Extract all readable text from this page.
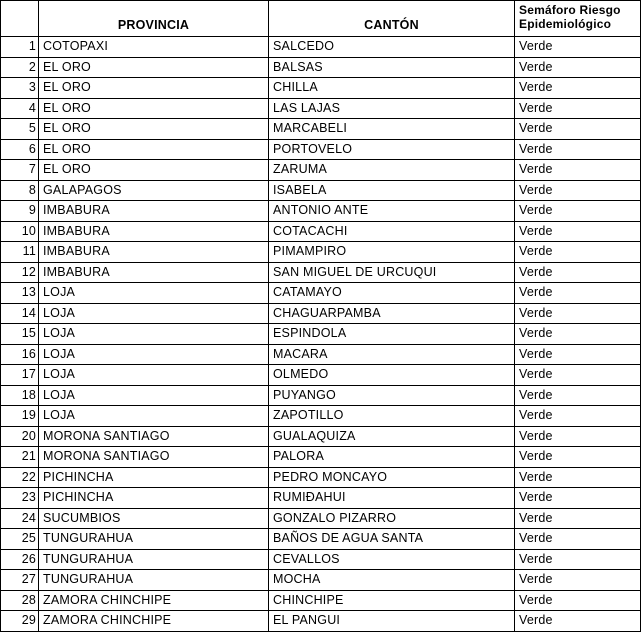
	PROVINCIA	CANTÓN	Semáforo Riesgo
Epidemiológico
1	COTOPAXI	SALCEDO	Verde
2	EL ORO	BALSAS	Verde
3	EL ORO	CHILLA	Verde
4	EL ORO	LAS LAJAS	Verde
5	EL ORO	MARCABELI	Verde
6	EL ORO	PORTOVELO	Verde
7	EL ORO	ZARUMA	Verde
8	GALAPAGOS	ISABELA	Verde
9	IMBABURA	ANTONIO ANTE	Verde
10	IMBABURA	COTACACHI	Verde
11	IMBABURA	PIMAMPIRO	Verde
12	IMBABURA	SAN MIGUEL DE URCUQUI	Verde
13	LOJA	CATAMAYO	Verde
14	LOJA	CHAGUARPAMBA	Verde
15	LOJA	ESPINDOLA	Verde
16	LOJA	MACARA	Verde
17	LOJA	OLMEDO	Verde
18	LOJA	PUYANGO	Verde
19	LOJA	ZAPOTILLO	Verde
20	MORONA SANTIAGO	GUALAQUIZA	Verde
21	MORONA SANTIAGO	PALORA	Verde
22	PICHINCHA	PEDRO MONCAYO	Verde
23	PICHINCHA	RUMIÐAHUI	Verde
24	SUCUMBIOS	GONZALO PIZARRO	Verde
25	TUNGURAHUA	BAÑOS DE AGUA SANTA	Verde
26	TUNGURAHUA	CEVALLOS	Verde
27	TUNGURAHUA	MOCHA	Verde
28	ZAMORA CHINCHIPE	CHINCHIPE	Verde
29	ZAMORA CHINCHIPE	EL PANGUI	Verde
